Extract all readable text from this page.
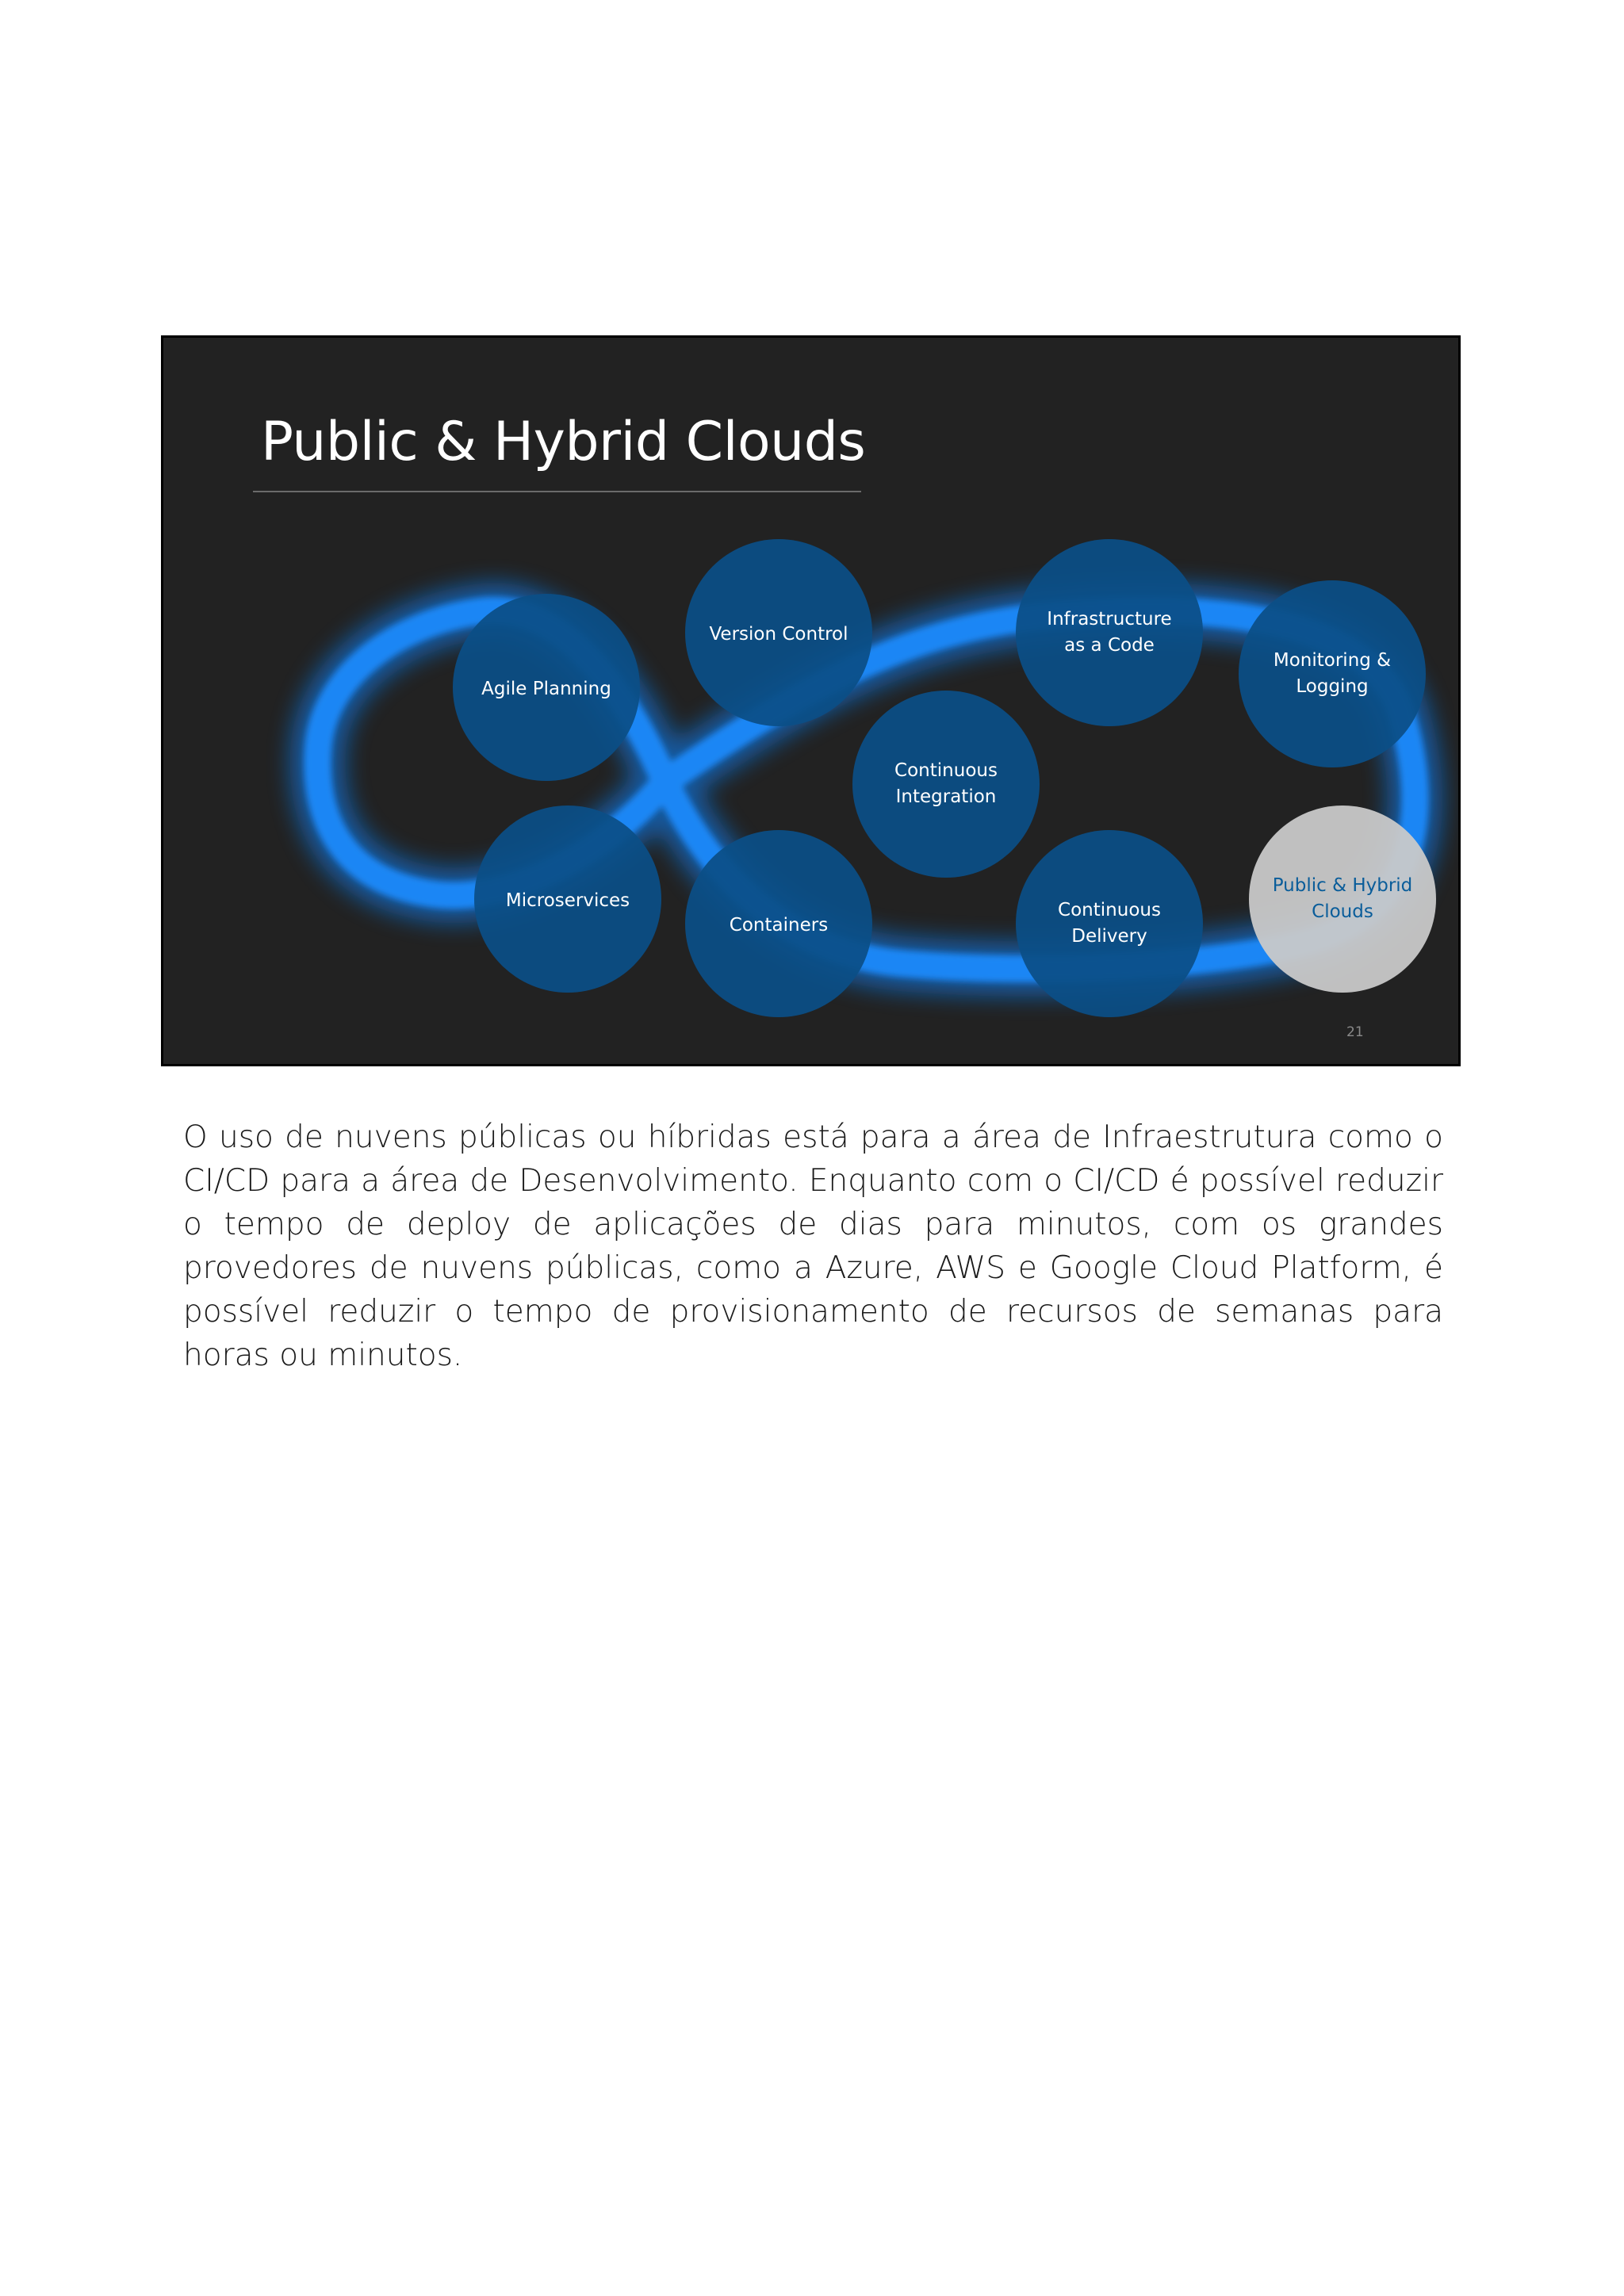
Public & Hybrid Clouds
Agile Planning
Version Control
Continuous
Integration
Infrastructure
as a Code
Monitoring &
Logging
Microservices
Containers
Continuous
Delivery
Public & Hybrid
Clouds
21
O uso de nuvens públicas ou híbridas está para a área de Infraestrutura como o CI/CD para a área de Desenvolvimento. Enquanto com o CI/CD é possível reduzir o tempo de deploy de aplicações de dias para minutos, com os grandes provedores de nuvens públicas, como a Azure, AWS e Google Cloud Platform, é possível reduzir o tempo de provisionamento de recursos de semanas para horas ou minutos.
